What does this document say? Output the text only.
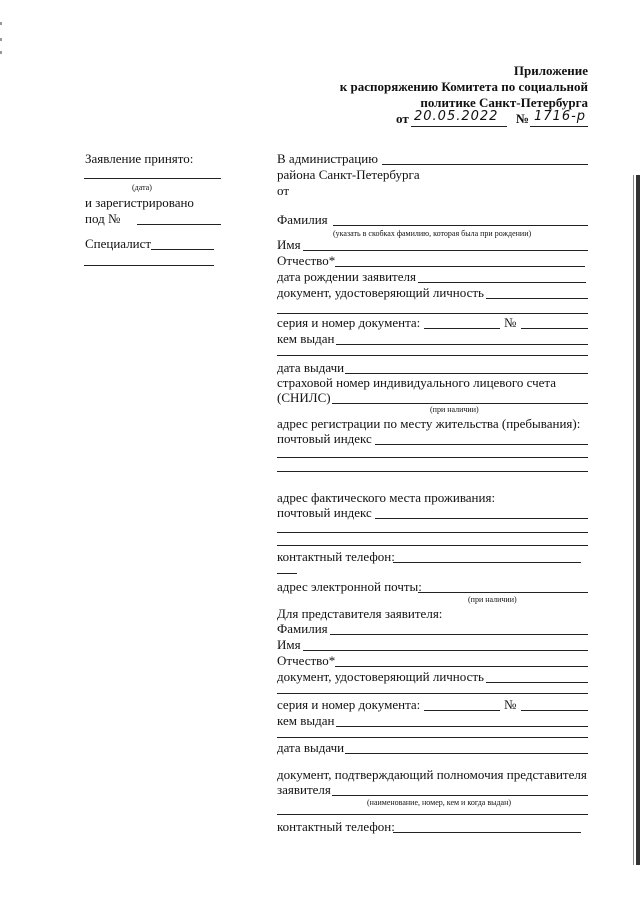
Приложение
к распоряжению Комитета по социальной
политике Санкт-Петербурга
от 20.05.2022 № 1716-р
Заявление принято:
(дата)
и зарегистрировано
под №
Специалист
В администрацию
района Санкт-Петербурга
от
Фамилия
(указать в скобках фамилию, которая была при рождении)
Имя
Отчество*
дата рождении заявителя
документ, удостоверяющий личность
серия и номер документа:	№
кем выдан
дата выдачи
страховой номер индивидуального лицевого счета
(СНИЛС)
(при наличии)
адрес регистрации по месту жительства (пребывания):
почтовый индекс
адрес фактического места проживания:
почтовый индекс
контактный телефон:
адрес электронной почты:
(при наличии)
Для представителя заявителя:
Фамилия
Имя
Отчество*
документ, удостоверяющий личность
серия и номер документа:	№
кем выдан
дата выдачи
документ, подтверждающий полномочия представителя
заявителя
(наименование, номер, кем и когда выдан)
контактный телефон:
